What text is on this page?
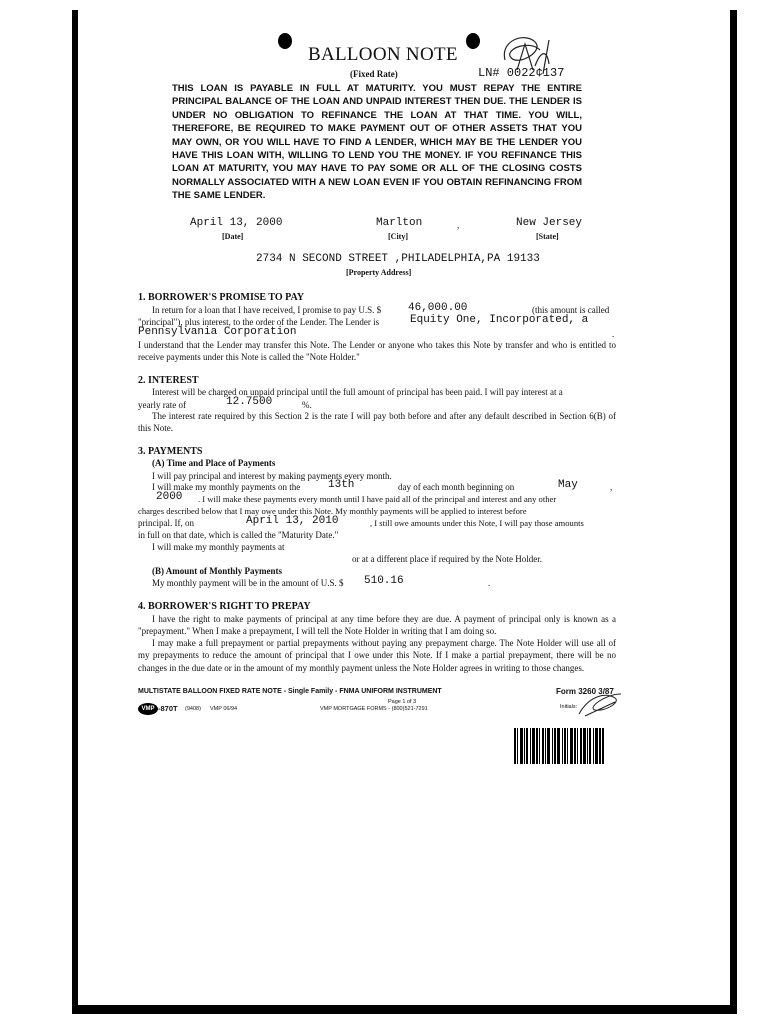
BALLOON NOTE
(Fixed Rate)	LN# 0022¢137
THIS LOAN IS PAYABLE IN FULL AT MATURITY. YOU MUST REPAY THE ENTIRE PRINCIPAL BALANCE OF THE LOAN AND UNPAID INTEREST THEN DUE. THE LENDER IS UNDER NO OBLIGATION TO REFINANCE THE LOAN AT THAT TIME. YOU WILL, THEREFORE, BE REQUIRED TO MAKE PAYMENT OUT OF OTHER ASSETS THAT YOU MAY OWN, OR YOU WILL HAVE TO FIND A LENDER, WHICH MAY BE THE LENDER YOU HAVE THIS LOAN WITH, WILLING TO LEND YOU THE MONEY. IF YOU REFINANCE THIS LOAN AT MATURITY, YOU MAY HAVE TO PAY SOME OR ALL OF THE CLOSING COSTS NORMALLY ASSOCIATED WITH A NEW LOAN EVEN IF YOU OBTAIN REFINANCING FROM THE SAME LENDER.
April 13, 2000
[Date]
Marlton
[City]
,	New Jersey
[State]
2734 N SECOND STREET ,PHILADELPHIA,PA 19133
[Property Address]
1. BORROWER'S PROMISE TO PAY
In return for a loan that I have received, I promise to pay U.S. $ 46,000.00	(this amount is called
"principal"), plus interest, to the order of the Lender. The Lender is	Equity One, Incorporated, a
Pennsylvania Corporation	.
I understand that the Lender may transfer this Note. The Lender or anyone who takes this Note by transfer and who is entitled to receive payments under this Note is called the "Note Holder."
2. INTEREST
Interest will be charged on unpaid principal until the full amount of principal has been paid. I will pay interest at a
yearly rate of	12.7500	%.
The interest rate required by this Section 2 is the rate I will pay both before and after any default described in Section 6(B) of this Note.
3. PAYMENTS
(A) Time and Place of Payments
I will pay principal and interest by making payments every month.
I will make my monthly payments on the	13th	day of each month beginning on	May	,
2000 . I will make these payments every month until I have paid all of the principal and interest and any other
charges described below that I may owe under this Note. My monthly payments will be applied to interest before
principal. If, on	April 13, 2010	, I still owe amounts under this Note, I will pay those amounts
in full on that date, which is called the "Maturity Date."
I will make my monthly payments at
or at a different place if required by the Note Holder.
(B) Amount of Monthly Payments
My monthly payment will be in the amount of U.S. $ 510.16	.
4. BORROWER'S RIGHT TO PREPAY
I have the right to make payments of principal at any time before they are due. A payment of principal only is known as a "prepayment." When I make a prepayment, I will tell the Note Holder in writing that I am doing so.
I may make a full prepayment or partial prepayments without paying any prepayment charge. The Note Holder will use all of my prepayments to reduce the amount of principal that I owe under this Note. If I make a partial prepayment, there will be no changes in the due date or in the amount of my monthly payment unless the Note Holder agrees in writing to those changes.
MULTISTATE BALLOON FIXED RATE NOTE - Single Family - FNMA UNIFORM INSTRUMENT	Form 3260 3/87
VMP -870T (9408) VMP 06/94
Page 1 of 3
VMP MORTGAGE FORMS - (800)521-7291	Initials:
